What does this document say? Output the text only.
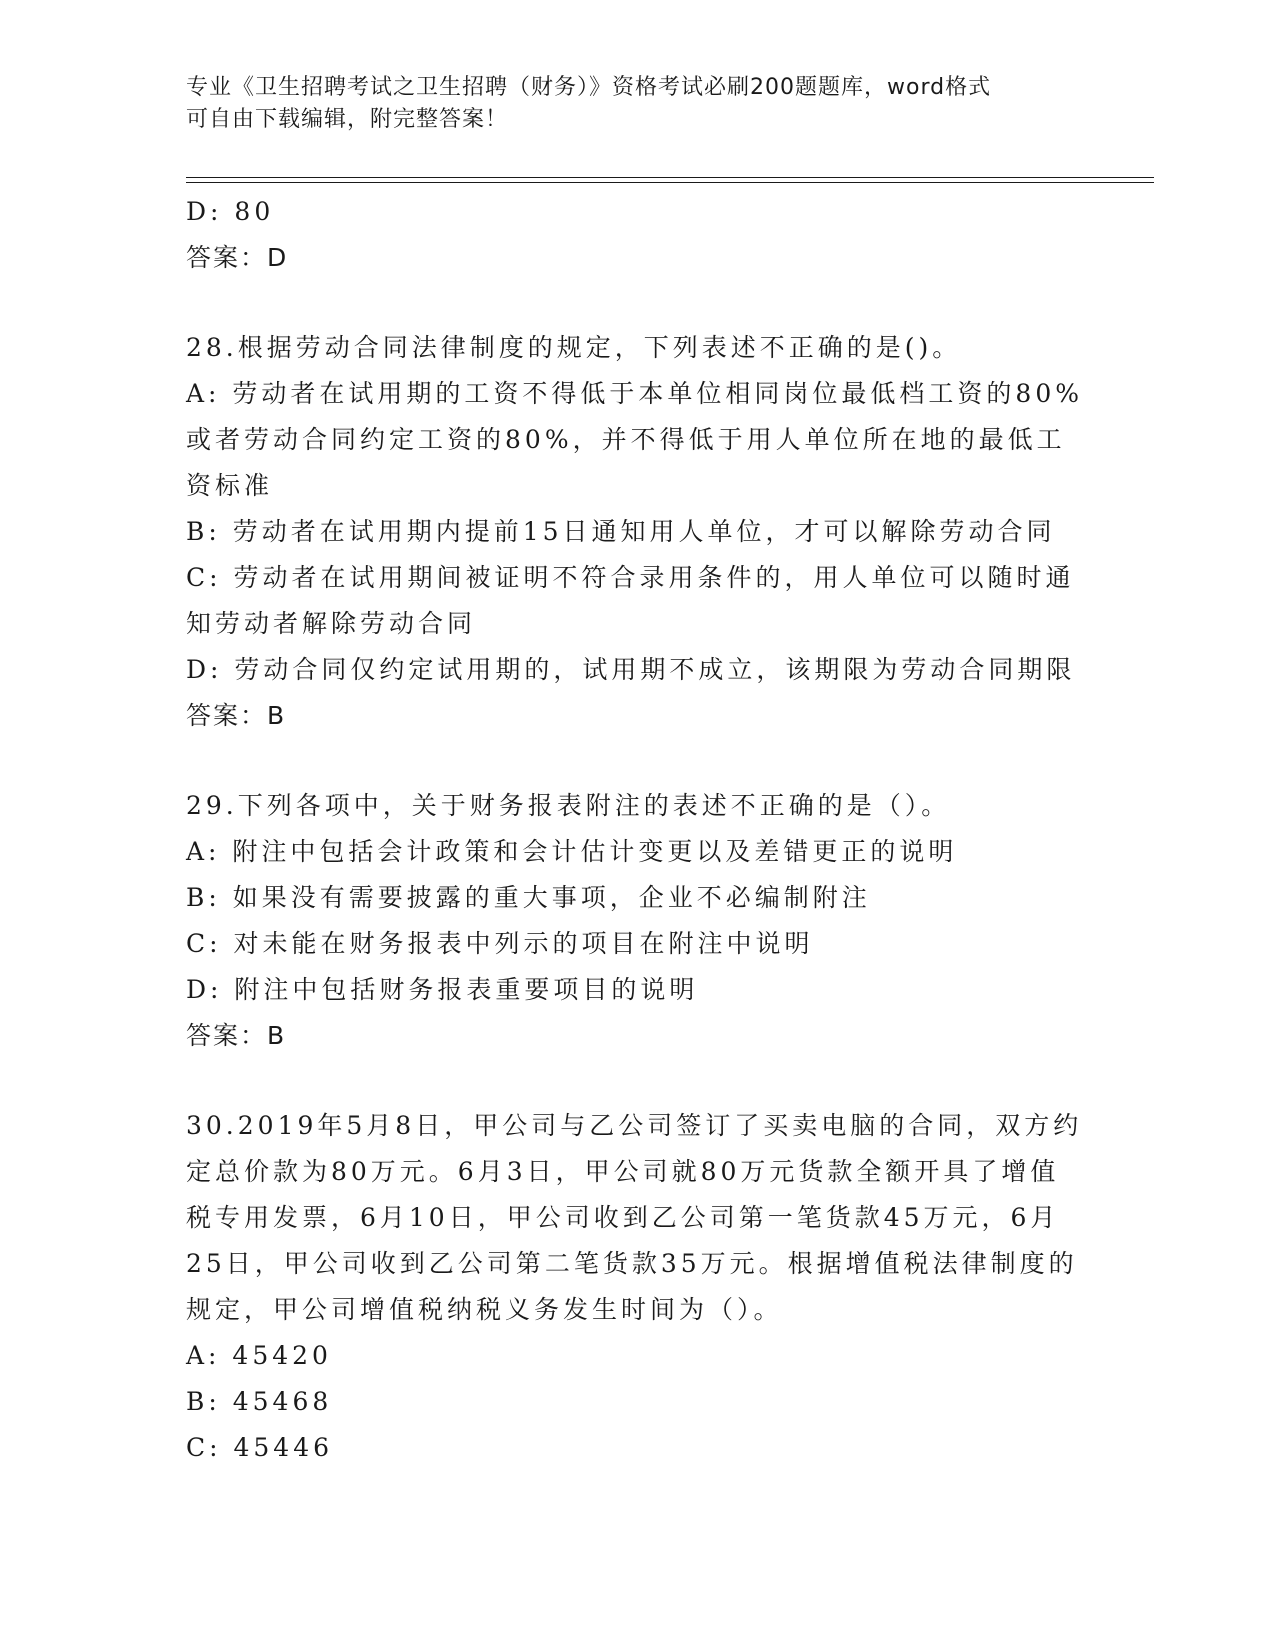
专业《卫生招聘考试之卫生招聘（财务）》资格考试必刷200题题库，word格式
可自由下载编辑，附完整答案！
D: 80
答案：D
28.根据劳动合同法律制度的规定，下列表述不正确的是()。
A: 劳动者在试用期的工资不得低于本单位相同岗位最低档工资的80%
或者劳动合同约定工资的80%，并不得低于用人单位所在地的最低工
资标准
B: 劳动者在试用期内提前15日通知用人单位，才可以解除劳动合同
C: 劳动者在试用期间被证明不符合录用条件的，用人单位可以随时通
知劳动者解除劳动合同
D: 劳动合同仅约定试用期的，试用期不成立，该期限为劳动合同期限
答案：B
29.下列各项中，关于财务报表附注的表述不正确的是（）。
A: 附注中包括会计政策和会计估计变更以及差错更正的说明
B: 如果没有需要披露的重大事项，企业不必编制附注
C: 对未能在财务报表中列示的项目在附注中说明
D: 附注中包括财务报表重要项目的说明
答案：B
30.2019年5月8日，甲公司与乙公司签订了买卖电脑的合同，双方约
定总价款为80万元。6月3日，甲公司就80万元货款全额开具了增值
税专用发票，6月10日，甲公司收到乙公司第一笔货款45万元，6月
25日，甲公司收到乙公司第二笔货款35万元。根据增值税法律制度的
规定，甲公司增值税纳税义务发生时间为（）。
A: 45420
B: 45468
C: 45446
